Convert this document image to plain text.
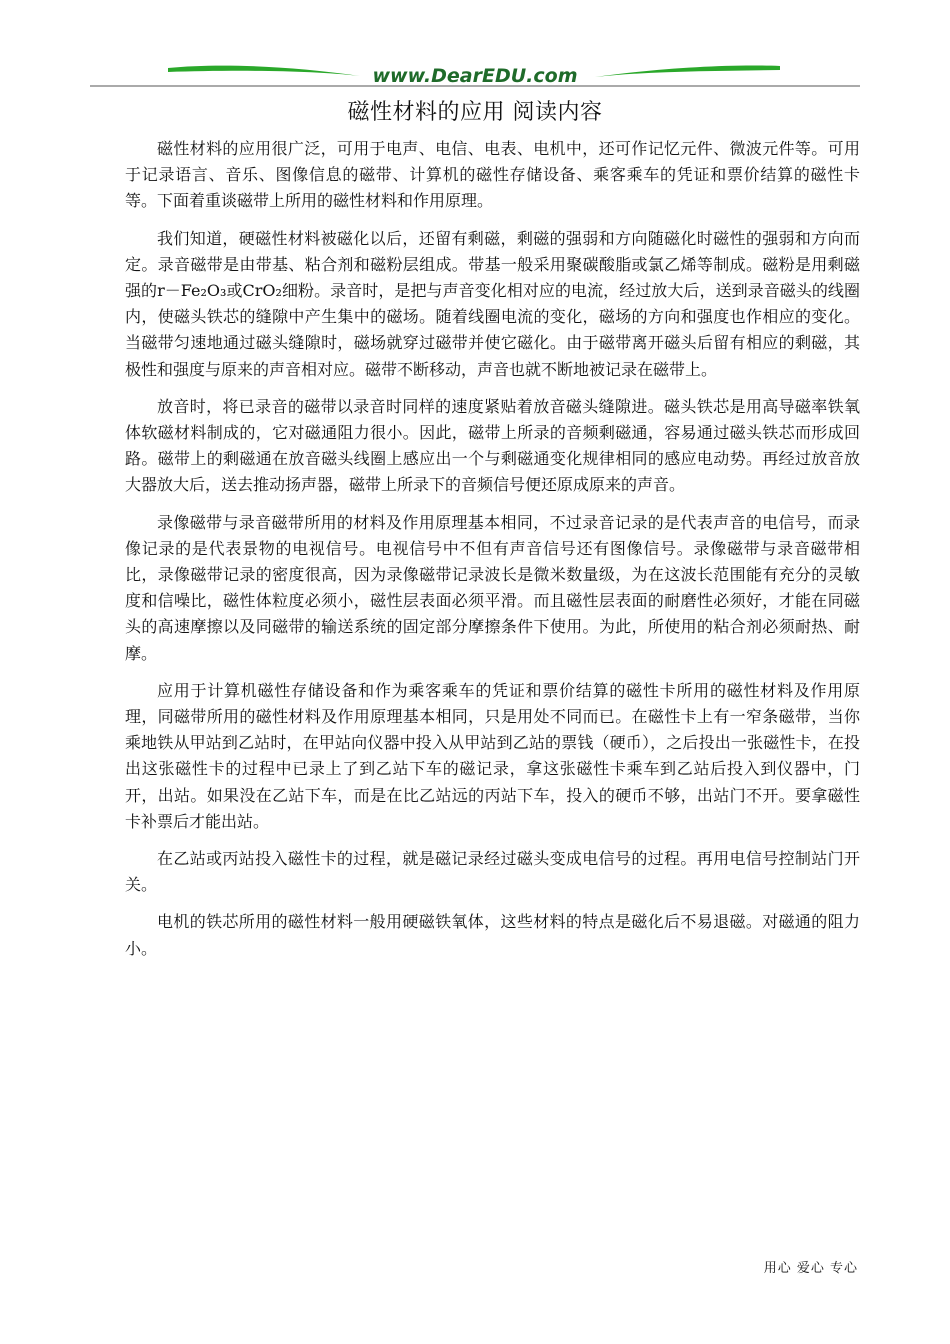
www.DearEDU.com
磁性材料的应用 阅读内容

磁性材料的应用很广泛，可用于电声、电信、电表、电机中，还可作记忆元件、微波元件等。可用于记录语言、音乐、图像信息的磁带、计算机的磁性存储设备、乘客乘车的凭证和票价结算的磁性卡等。下面着重谈磁带上所用的磁性材料和作用原理。

我们知道，硬磁性材料被磁化以后，还留有剩磁，剩磁的强弱和方向随磁化时磁性的强弱和方向而定。录音磁带是由带基、粘合剂和磁粉层组成。带基一般采用聚碳酸脂或氯乙烯等制成。磁粉是用剩磁强的r－Fe₂O₃或CrO₂细粉。录音时，是把与声音变化相对应的电流，经过放大后，送到录音磁头的线圈内，使磁头铁芯的缝隙中产生集中的磁场。随着线圈电流的变化，磁场的方向和强度也作相应的变化。当磁带匀速地通过磁头缝隙时，磁场就穿过磁带并使它磁化。由于磁带离开磁头后留有相应的剩磁，其极性和强度与原来的声音相对应。磁带不断移动，声音也就不断地被记录在磁带上。

放音时，将已录音的磁带以录音时同样的速度紧贴着放音磁头缝隙进。磁头铁芯是用高导磁率铁氧体软磁材料制成的，它对磁通阻力很小。因此，磁带上所录的音频剩磁通，容易通过磁头铁芯而形成回路。磁带上的剩磁通在放音磁头线圈上感应出一个与剩磁通变化规律相同的感应电动势。再经过放音放大器放大后，送去推动扬声器，磁带上所录下的音频信号便还原成原来的声音。

录像磁带与录音磁带所用的材料及作用原理基本相同，不过录音记录的是代表声音的电信号，而录像记录的是代表景物的电视信号。电视信号中不但有声音信号还有图像信号。录像磁带与录音磁带相比，录像磁带记录的密度很高，因为录像磁带记录波长是微米数量级，为在这波长范围能有充分的灵敏度和信噪比，磁性体粒度必须小，磁性层表面必须平滑。而且磁性层表面的耐磨性必须好，才能在同磁头的高速摩擦以及同磁带的输送系统的固定部分摩擦条件下使用。为此，所使用的粘合剂必须耐热、耐摩。

应用于计算机磁性存储设备和作为乘客乘车的凭证和票价结算的磁性卡所用的磁性材料及作用原理，同磁带所用的磁性材料及作用原理基本相同，只是用处不同而已。在磁性卡上有一窄条磁带，当你乘地铁从甲站到乙站时，在甲站向仪器中投入从甲站到乙站的票钱（硬币），之后投出一张磁性卡，在投出这张磁性卡的过程中已录上了到乙站下车的磁记录，拿这张磁性卡乘车到乙站后投入到仪器中，门开，出站。如果没在乙站下车，而是在比乙站远的丙站下车，投入的硬币不够，出站门不开。要拿磁性卡补票后才能出站。

在乙站或丙站投入磁性卡的过程，就是磁记录经过磁头变成电信号的过程。再用电信号控制站门开关。

电机的铁芯所用的磁性材料一般用硬磁铁氧体，这些材料的特点是磁化后不易退磁。对磁通的阻力小。

用心 爱心 专心
